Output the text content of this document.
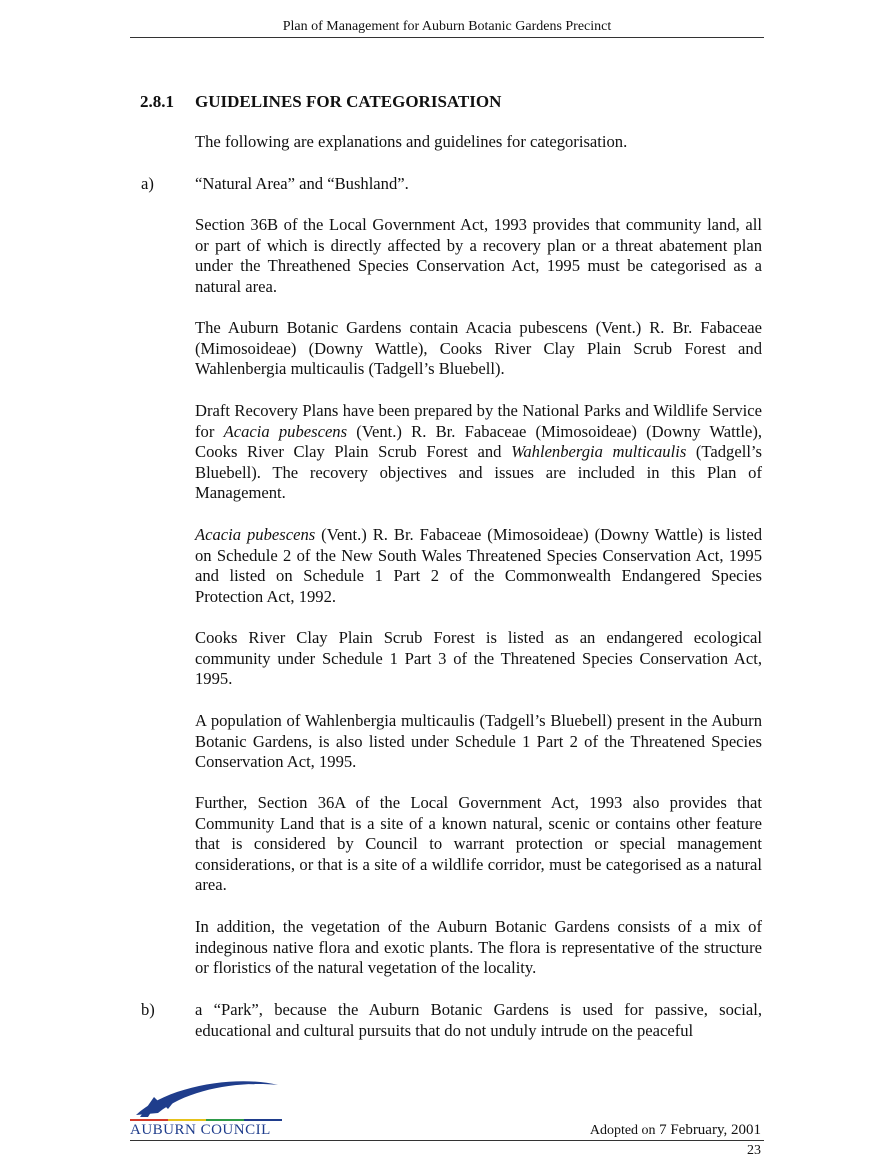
Plan of Management for Auburn Botanic Gardens Precinct
2.8.1 GUIDELINES FOR CATEGORISATION
The following are explanations and guidelines for categorisation.
a) “Natural Area” and “Bushland”.
Section 36B of the Local Government Act, 1993 provides that community land, all or part of which is directly affected by a recovery plan or a threat abatement plan under the Threathened Species Conservation Act, 1995 must be categorised as a natural area.
The Auburn Botanic Gardens contain Acacia pubescens (Vent.) R. Br. Fabaceae (Mimosoideae) (Downy Wattle), Cooks River Clay Plain Scrub Forest and Wahlenbergia multicaulis (Tadgell’s Bluebell).
Draft Recovery Plans have been prepared by the National Parks and Wildlife Service for Acacia pubescens (Vent.) R. Br. Fabaceae (Mimosoideae) (Downy Wattle), Cooks River Clay Plain Scrub Forest and Wahlenbergia multicaulis (Tadgell’s Bluebell). The recovery objectives and issues are included in this Plan of Management.
Acacia pubescens (Vent.) R. Br. Fabaceae (Mimosoideae) (Downy Wattle) is listed on Schedule 2 of the New South Wales Threatened Species Conservation Act, 1995 and listed on Schedule 1 Part 2 of the Commonwealth Endangered Species Protection Act, 1992.
Cooks River Clay Plain Scrub Forest is listed as an endangered ecological community under Schedule 1 Part 3 of the Threatened Species Conservation Act, 1995.
A population of Wahlenbergia multicaulis (Tadgell’s Bluebell) present in the Auburn Botanic Gardens, is also listed under Schedule 1 Part 2 of the Threatened Species Conservation Act, 1995.
Further, Section 36A of the Local Government Act, 1993 also provides that Community Land that is a site of a known natural, scenic or contains other feature that is considered by Council to warrant protection or special management considerations, or that is a site of a wildlife corridor, must be categorised as a natural area.
In addition, the vegetation of the Auburn Botanic Gardens consists of a mix of indeginous native flora and exotic plants. The flora is representative of the structure or floristics of the natural vegetation of the locality.
b) a “Park”, because the Auburn Botanic Gardens is used for passive, social, educational and cultural pursuits that do not unduly intrude on the peaceful
AUBURN COUNCIL	Adopted on 7 February, 2001
23
